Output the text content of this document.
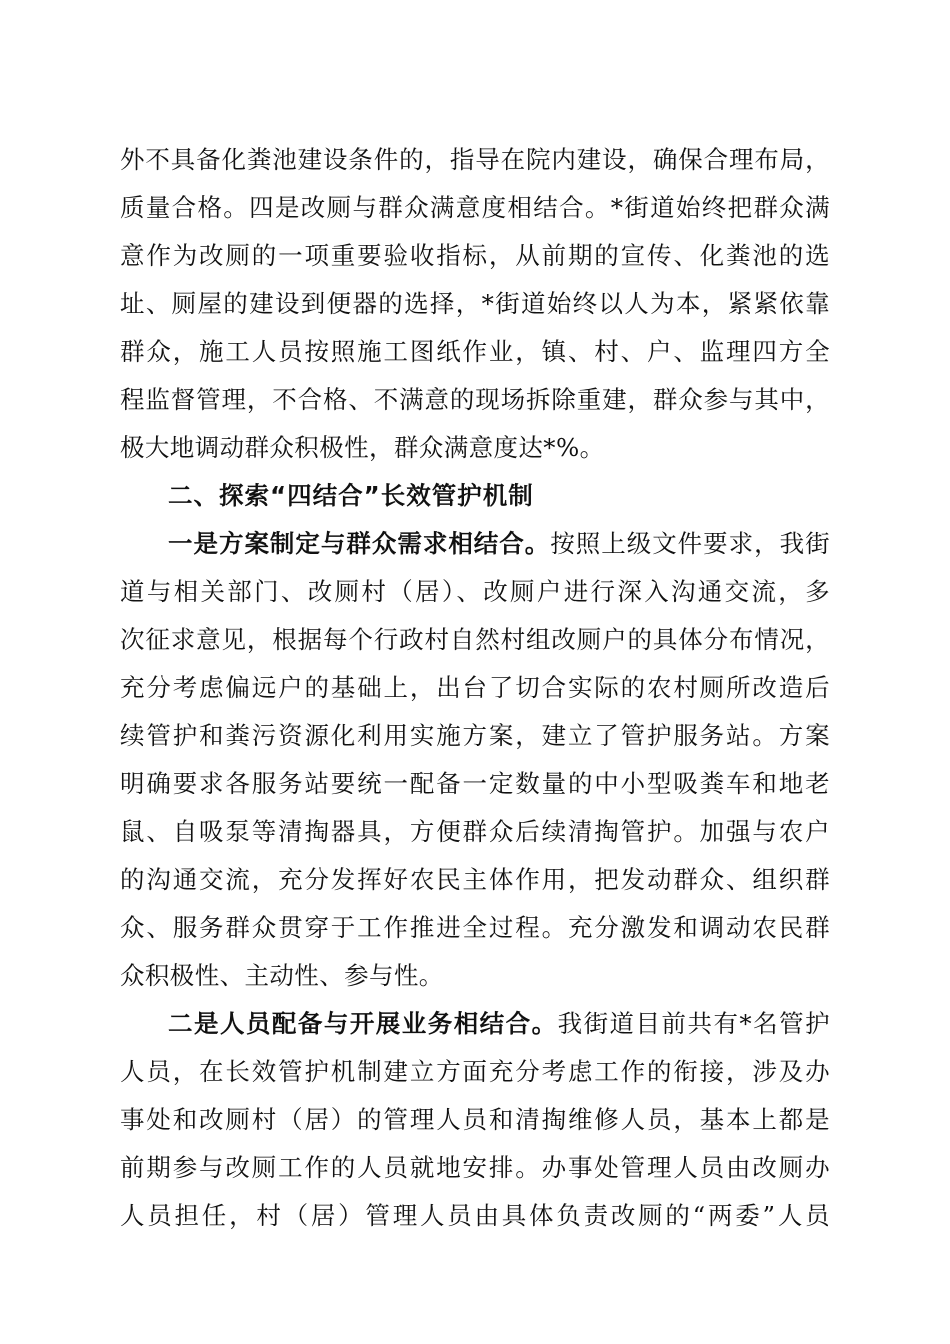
外不具备化粪池建设条件的，指导在院内建设，确保合理布局，
质量合格。四是改厕与群众满意度相结合。*街道始终把群众满
意作为改厕的一项重要验收指标，从前期的宣传、化粪池的选
址、厕屋的建设到便器的选择，*街道始终以人为本，紧紧依靠
群众，施工人员按照施工图纸作业，镇、村、户、监理四方全
程监督管理，不合格、不满意的现场拆除重建，群众参与其中，
极大地调动群众积极性，群众满意度达*%。
二、探索“四结合”长效管护机制
一是方案制定与群众需求相结合。按照上级文件要求，我街
道与相关部门、改厕村（居）、改厕户进行深入沟通交流，多
次征求意见，根据每个行政村自然村组改厕户的具体分布情况，
充分考虑偏远户的基础上，出台了切合实际的农村厕所改造后
续管护和粪污资源化利用实施方案，建立了管护服务站。方案
明确要求各服务站要统一配备一定数量的中小型吸粪车和地老
鼠、自吸泵等清掏器具，方便群众后续清掏管护。加强与农户
的沟通交流，充分发挥好农民主体作用，把发动群众、组织群
众、服务群众贯穿于工作推进全过程。充分激发和调动农民群
众积极性、主动性、参与性。
二是人员配备与开展业务相结合。我街道目前共有*名管护
人员，在长效管护机制建立方面充分考虑工作的衔接，涉及办
事处和改厕村（居）的管理人员和清掏维修人员，基本上都是
前期参与改厕工作的人员就地安排。办事处管理人员由改厕办
人员担任，村（居）管理人员由具体负责改厕的“两委”人员
